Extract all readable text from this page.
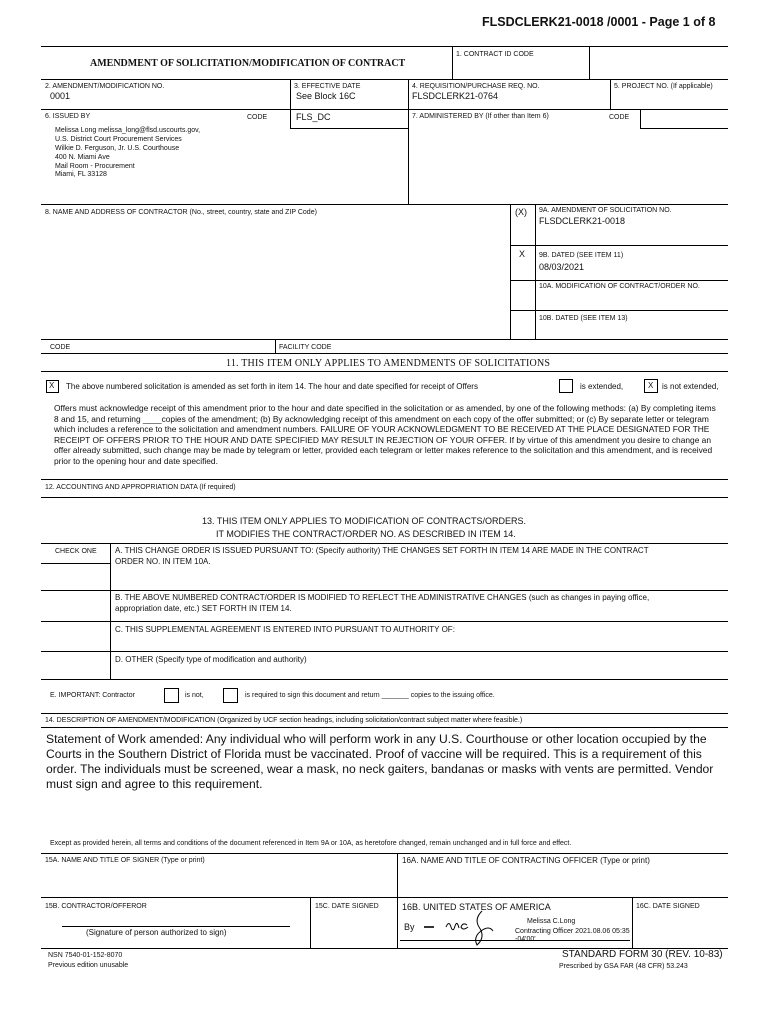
FLSDCLERK21-0018 /0001 - Page 1 of 8
AMENDMENT OF SOLICITATION/MODIFICATION OF CONTRACT
1. CONTRACT ID CODE
2. AMENDMENT/MODIFICATION NO.
0001
3. EFFECTIVE DATE
See Block 16C
4. REQUISITION/PURCHASE REQ. NO.
FLSDCLERK21-0764
5. PROJECT NO. (If applicable)
6. ISSUED BY	CODE	FLS_DC	7. ADMINISTERED BY (If other than Item 6)	CODE
Melissa Long melissa_long@flsd.uscourts.gov,
U.S. District Court Procurement Services
Wilkie D. Ferguson, Jr. U.S. Courthouse
400 N. Miami Ave
Mail Room - Procurement
Miami, FL 33128
8. NAME AND ADDRESS OF CONTRACTOR (No., street, country, state and ZIP Code)	(X) 9A. AMENDMENT OF SOLICITATION NO.
FLSDCLERK21-0018
X 9B. DATED (SEE ITEM 11)
08/03/2021
10A. MODIFICATION OF CONTRACT/ORDER NO.
10B. DATED (SEE ITEM 13)
CODE	FACILITY CODE
11. THIS ITEM ONLY APPLIES TO AMENDMENTS OF SOLICITATIONS
X The above numbered solicitation is amended as set forth in item 14. The hour and date specified for receipt of Offers	is extended,	X is not extended,
Offers must acknowledge receipt of this amendment prior to the hour and date specified in the solicitation or as amended, by one of the following methods: (a) By completing items 8 and 15, and returning ____copies of the amendment; (b) By acknowledging receipt of this amendment on each copy of the offer submitted; or (c) By separate letter or telegram which includes a reference to the solicitation and amendment numbers. FAILURE OF YOUR ACKNOWLEDGMENT TO BE RECEIVED AT THE PLACE DESIGNATED FOR THE RECEIPT OF OFFERS PRIOR TO THE HOUR AND DATE SPECIFIED MAY RESULT IN REJECTION OF YOUR OFFER. If by virtue of this amendment you desire to change an offer already submitted, such change may be made by telegram or letter, provided each telegram or letter makes reference to the solicitation and this amendment, and is received prior to the opening hour and date specified.
12. ACCOUNTING AND APPROPRIATION DATA (If required)
13. THIS ITEM ONLY APPLIES TO MODIFICATION OF CONTRACTS/ORDERS.
IT MODIFIES THE CONTRACT/ORDER NO. AS DESCRIBED IN ITEM 14.
CHECK ONE A. THIS CHANGE ORDER IS ISSUED PURSUANT TO: (Specify authority) THE CHANGES SET FORTH IN ITEM 14 ARE MADE IN THE CONTRACT
ORDER NO. IN ITEM 10A.
B. THE ABOVE NUMBERED CONTRACT/ORDER IS MODIFIED TO REFLECT THE ADMINISTRATIVE CHANGES (such as changes in paying office,
appropriation date, etc.) SET FORTH IN ITEM 14.
C. THIS SUPPLEMENTAL AGREEMENT IS ENTERED INTO PURSUANT TO AUTHORITY OF:
D. OTHER (Specify type of modification and authority)
E. IMPORTANT: Contractor	is not,	is required to sign this document and return _______ copies to the issuing office.
14. DESCRIPTION OF AMENDMENT/MODIFICATION (Organized by UCF section headings, including solicitation/contract subject matter where feasible.)
Statement of Work amended: Any individual who will perform work in any U.S. Courthouse or other location occupied by the Courts in the Southern District of Florida must be vaccinated. Proof of vaccine will be required. This is a requirement of this order. The individuals must be screened, wear a mask, no neck gaiters, bandanas or masks with vents are permitted. Vendor must sign and agree to this requirement.
Except as provided herein, all terms and conditions of the document referenced in Item 9A or 10A, as heretofore changed, remain unchanged and in full force and effect.
15A. NAME AND TITLE OF SIGNER (Type or print)	16A. NAME AND TITLE OF CONTRACTING OFFICER (Type or print)
15B. CONTRACTOR/OFFEROR
(Signature of person authorized to sign)
15C. DATE SIGNED	16B. UNITED STATES OF AMERICA
By
Melissa C.Long
Contracting Officer 2021.08.06 05:35
16C. DATE SIGNED
NSN 7540-01-152-8070
Previous edition unusable
STANDARD FORM 30 (REV. 10-83)
Prescribed by GSA FAR (48 CFR) 53.243
